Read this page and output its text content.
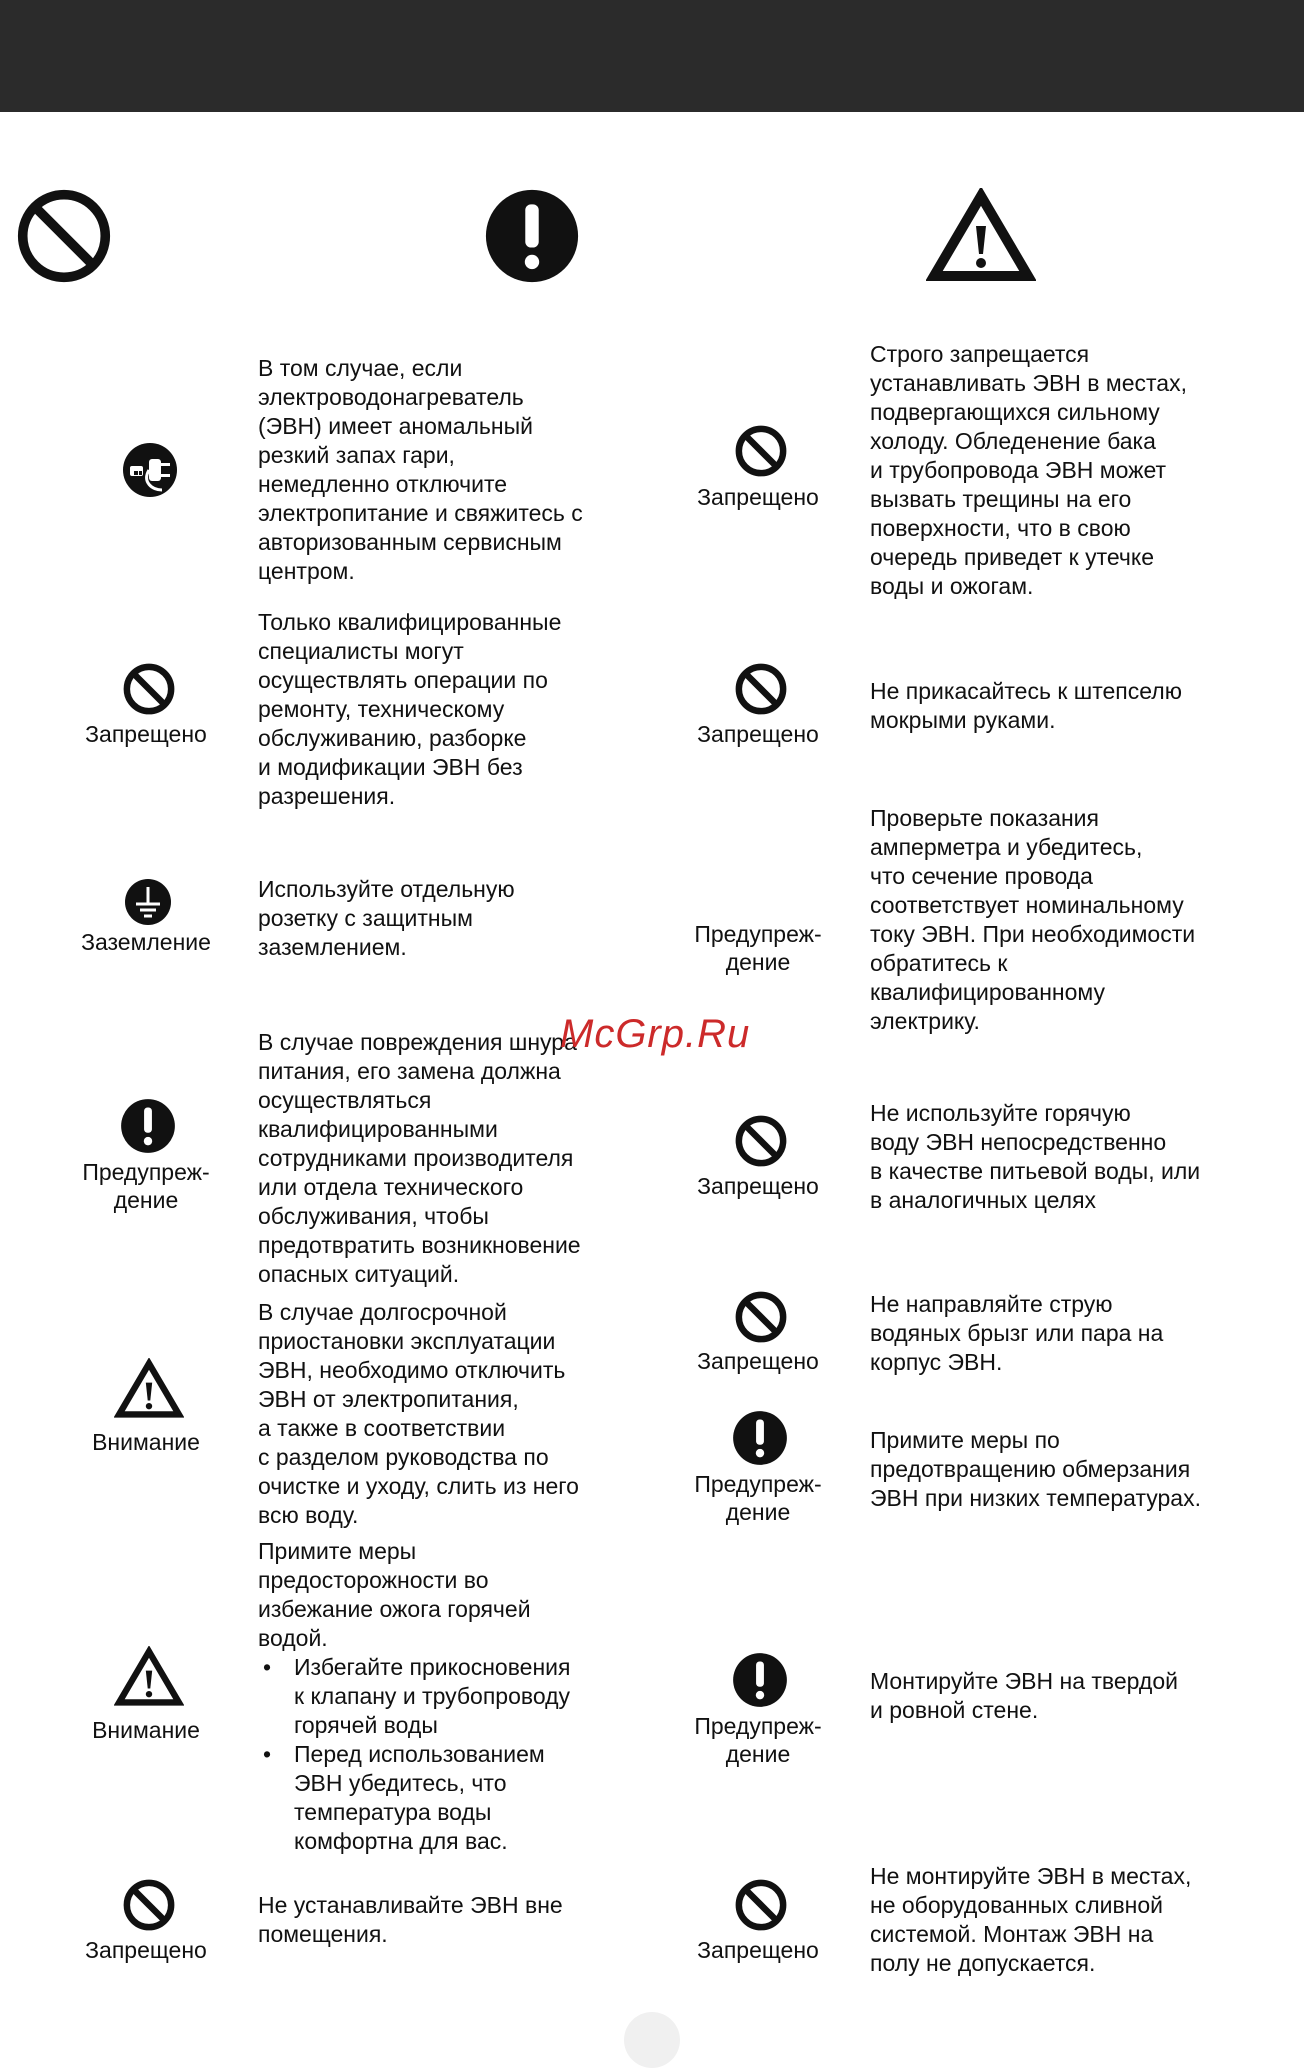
В том случае, если
электроводонагреватель
(ЭВН) имеет аномальный
резкий запах гари,
немедленно отключите
электропитание и свяжитесь с
авторизованным сервисным
центром.
Запрещено
Только квалифицированные
специалисты могут
осуществлять операции по
ремонту, техническому
обслуживанию, разборке
и модификации ЭВН без
разрешения.
Заземление
Используйте отдельную
розетку с защитным
заземлением.
Предупреж-
дение
В случае повреждения шнура
питания, его замена должна
осуществляться
квалифицированными
сотрудниками производителя
или отдела технического
обслуживания, чтобы
предотвратить возникновение
опасных ситуаций.
Внимание
В случае долгосрочной
приостановки эксплуатации
ЭВН, необходимо отключить
ЭВН от электропитания,
а также в соответствии
с разделом руководства по
очистке и уходу, слить из него
всю воду.
Внимание

Примите меры
предосторожности во
избежание ожога горячей
водой.

• Избегайте прикосновения
к клапану и трубопроводу
горячей воды
• Перед использованием
ЭВН убедитесь, что
температура воды
комфортна для вас.
Запрещено
Не устанавливайте ЭВН вне
помещения.
Запрещено
Строго запрещается
устанавливать ЭВН в местах,
подвергающихся сильному
холоду. Обледенение бака
и трубопровода ЭВН может
вызвать трещины на его
поверхности, что в свою
очередь приведет к утечке
воды и ожогам.
Запрещено
Не прикасайтесь к штепселю
мокрыми руками.
Предупреж-
дение
Проверьте показания
амперметра и убедитесь,
что сечение провода
соответствует номинальному
току ЭВН. При необходимости
обратитесь к
квалифицированному
электрику.
Запрещено
Не используйте горячую
воду ЭВН непосредственно
в качестве питьевой воды, или
в аналогичных целях
Запрещено
Не направляйте струю
водяных брызг или пара на
корпус ЭВН.
Предупреж-
дение
Примите меры по
предотвращению обмерзания
ЭВН при низких температурах.
Предупреж-
дение
Монтируйте ЭВН на твердой
и ровной стене.
Запрещено
Не монтируйте ЭВН в местах,
не оборудованных сливной
системой. Монтаж ЭВН на
полу не допускается.
McGrp.Ru
